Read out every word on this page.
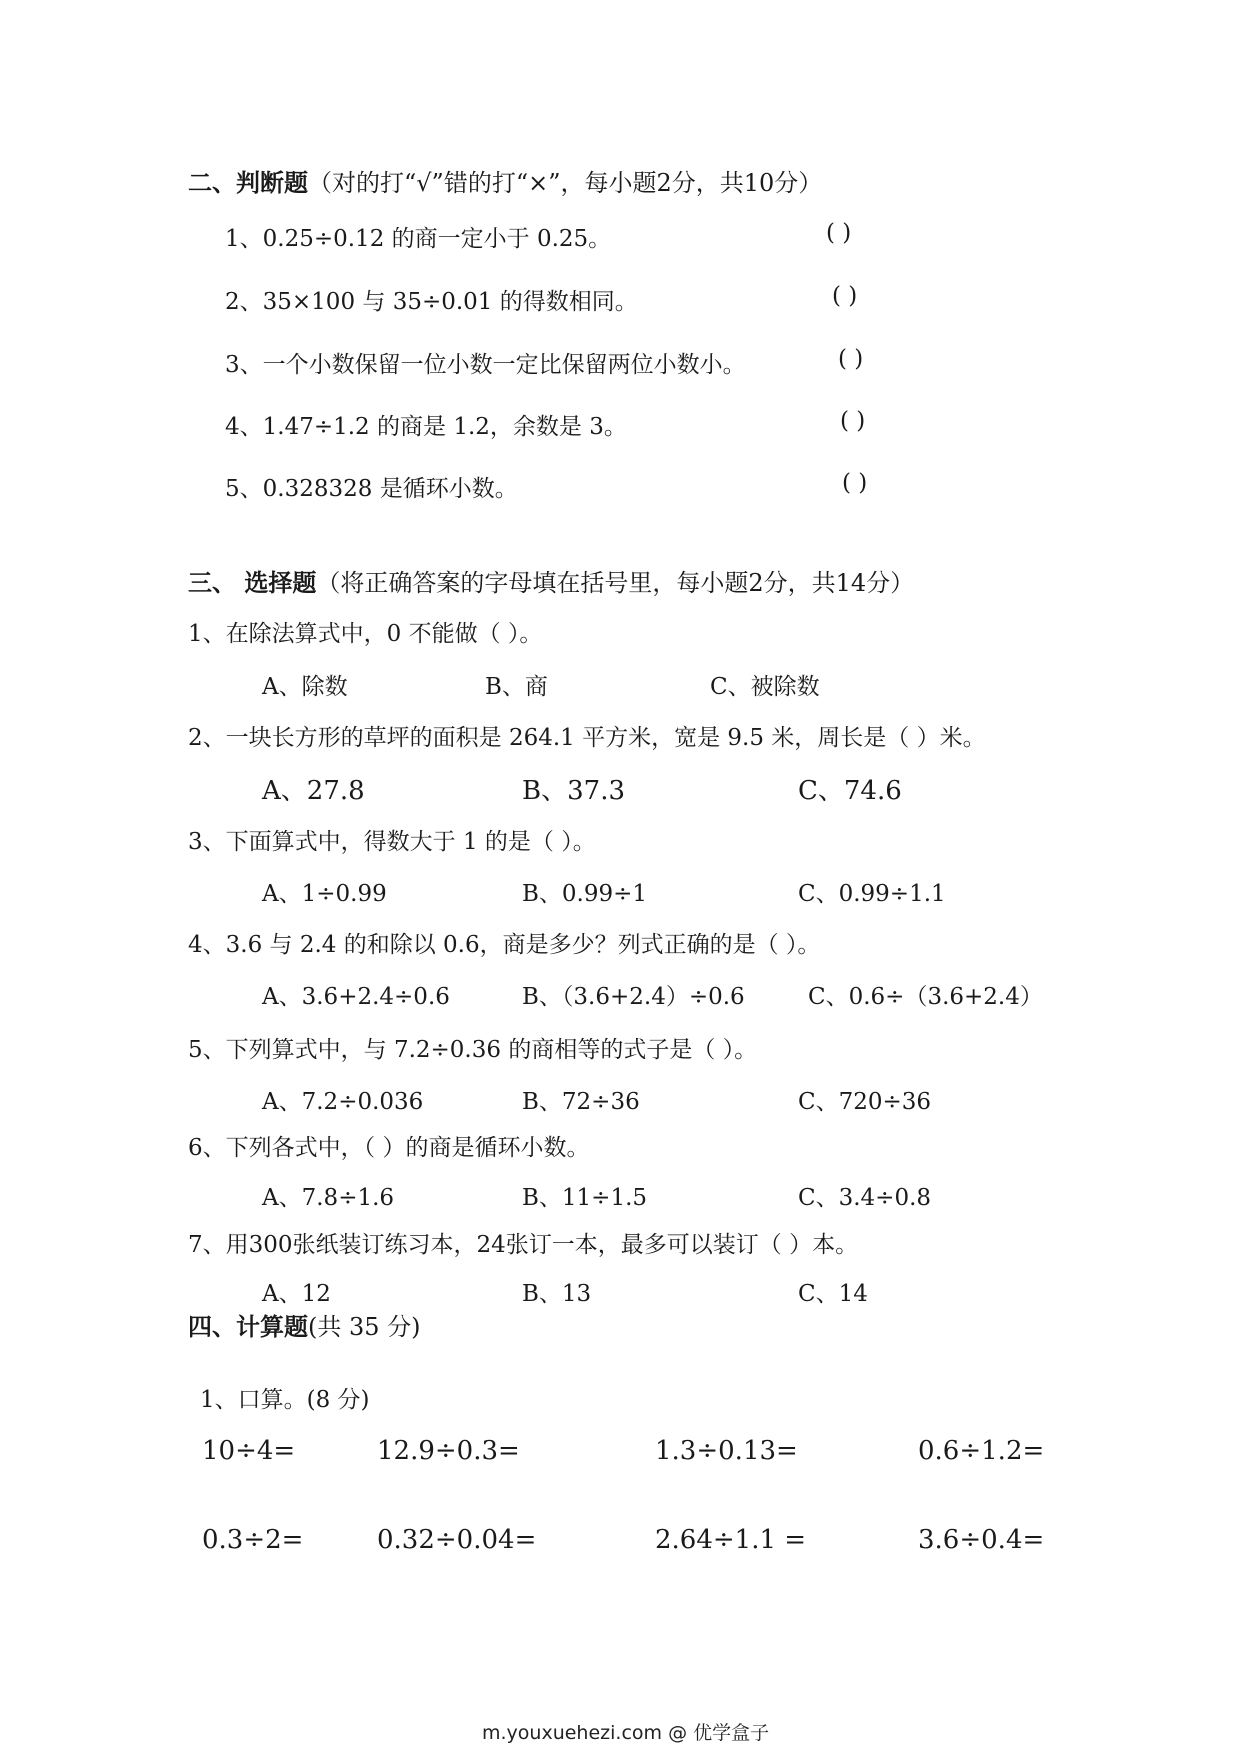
二、判断题（对的打“√”错的打“×”，每小题2分，共10分）
1、0.25÷0.12 的商一定小于 0.25。	( )
2、35×100 与 35÷0.01 的得数相同。	( )
3、一个小数保留一位小数一定比保留两位小数小。	( )
4、1.47÷1.2 的商是 1.2，余数是 3。	( )
5、0.328328 是循环小数。	( )
三、 选择题（将正确答案的字母填在括号里，每小题2分，共14分）
1、在除法算式中，0 不能做（ ）。
A、除数	B、商	C、被除数
2、一块长方形的草坪的面积是 264.1 平方米，宽是 9.5 米，周长是（ ）米。
A、27.8	B、37.3	C、74.6
3、下面算式中，得数大于 1 的是（ ）。
A、1÷0.99	B、0.99÷1	C、0.99÷1.1
4、3.6 与 2.4 的和除以 0.6，商是多少？列式正确的是（ ）。
A、3.6+2.4÷0.6	B、（3.6+2.4）÷0.6	C、0.6÷（3.6+2.4）
5、下列算式中，与 7.2÷0.36 的商相等的式子是（ ）。
A、7.2÷0.036	B、72÷36	C、720÷36
6、下列各式中，（ ）的商是循环小数。
A、7.8÷1.6	B、11÷1.5	C、3.4÷0.8
7、用300张纸装订练习本，24张订一本，最多可以装订（ ）本。
A、12	B、13	C、14
四、计算题(共 35 分)
1、口算。(8 分)
10÷4=	12.9÷0.3=	1.3÷0.13=	0.6÷1.2=
0.3÷2=	0.32÷0.04=	2.64÷1.1 =	3.6÷0.4=
m.youxuehezi.com @ 优学盒子
